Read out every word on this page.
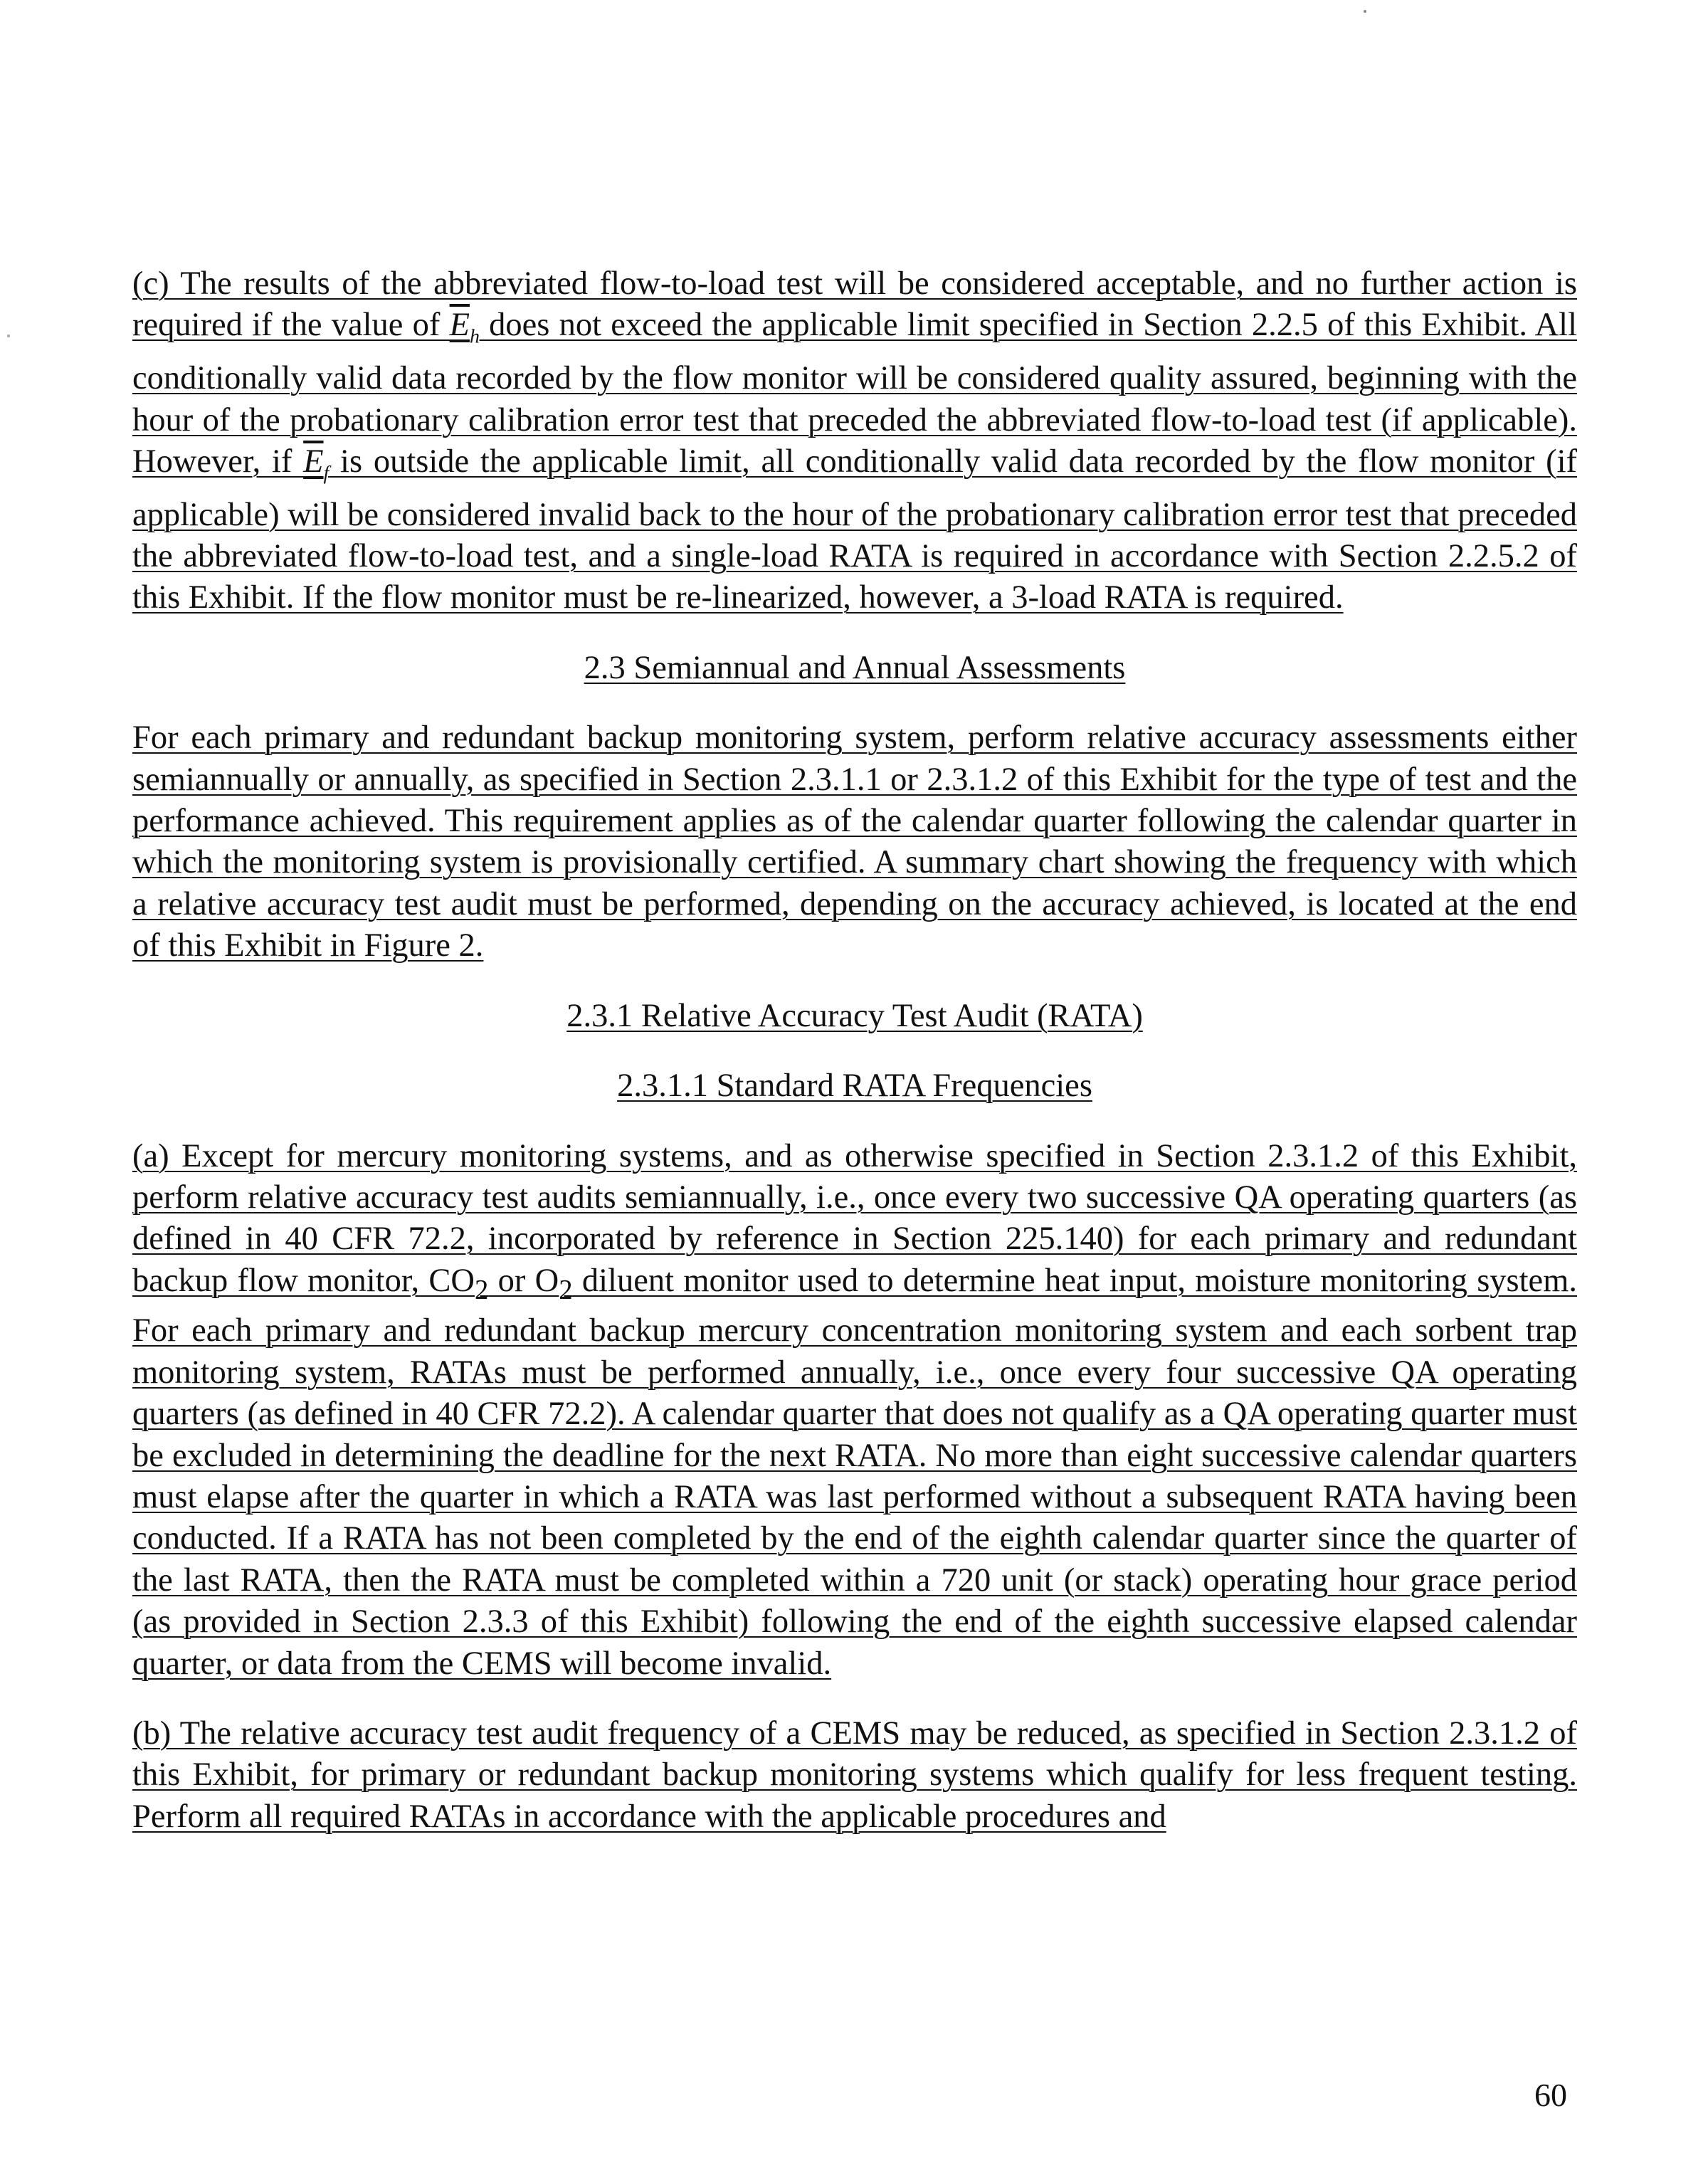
(c) The results of the abbreviated flow-to-load test will be considered acceptable, and no further action is required if the value of $E_h$ does not exceed the applicable limit specified in Section 2.2.5 of this Exhibit. All conditionally valid data recorded by the flow monitor will be considered quality assured, beginning with the hour of the probationary calibration error test that preceded the abbreviated flow-to-load test (if applicable). However, if $E_f$ is outside the applicable limit, all conditionally valid data recorded by the flow monitor (if applicable) will be considered invalid back to the hour of the probationary calibration error test that preceded the abbreviated flow-to-load test, and a single-load RATA is required in accordance with Section 2.2.5.2 of this Exhibit. If the flow monitor must be re-linearized, however, a 3-load RATA is required.

2.3 Semiannual and Annual Assessments

For each primary and redundant backup monitoring system, perform relative accuracy assessments either semiannually or annually, as specified in Section 2.3.1.1 or 2.3.1.2 of this Exhibit for the type of test and the performance achieved. This requirement applies as of the calendar quarter following the calendar quarter in which the monitoring system is provisionally certified. A summary chart showing the frequency with which a relative accuracy test audit must be performed, depending on the accuracy achieved, is located at the end of this Exhibit in Figure 2.

2.3.1 Relative Accuracy Test Audit (RATA)

2.3.1.1 Standard RATA Frequencies

(a) Except for mercury monitoring systems, and as otherwise specified in Section 2.3.1.2 of this Exhibit, perform relative accuracy test audits semiannually, i.e., once every two successive QA operating quarters (as defined in 40 CFR 72.2, incorporated by reference in Section 225.140) for each primary and redundant backup flow monitor, $CO_2$ or $O_2$ diluent monitor used to determine heat input, moisture monitoring system. For each primary and redundant backup mercury concentration monitoring system and each sorbent trap monitoring system, RATAs must be performed annually, i.e., once every four successive QA operating quarters (as defined in 40 CFR 72.2). A calendar quarter that does not qualify as a QA operating quarter must be excluded in determining the deadline for the next RATA. No more than eight successive calendar quarters must elapse after the quarter in which a RATA was last performed without a subsequent RATA having been conducted. If a RATA has not been completed by the end of the eighth calendar quarter since the quarter of the last RATA, then the RATA must be completed within a 720 unit (or stack) operating hour grace period (as provided in Section 2.3.3 of this Exhibit) following the end of the eighth successive elapsed calendar quarter, or data from the CEMS will become invalid.

(b) The relative accuracy test audit frequency of a CEMS may be reduced, as specified in Section 2.3.1.2 of this Exhibit, for primary or redundant backup monitoring systems which qualify for less frequent testing. Perform all required RATAs in accordance with the applicable procedures and

60
